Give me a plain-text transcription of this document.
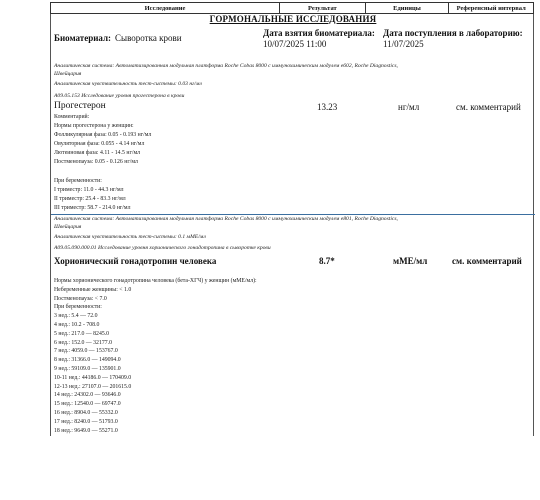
Исследование	Результат	Единицы	Референсный интервал
ГОРМОНАЛЬНЫЕ ИССЛЕДОВАНИЯ
Биоматериал: Сыворотка крови	Дата взятия биоматериала:
10/07/2025 11:00
Дата поступления в лабораторию:
11/07/2025
Аналитическая система: Автоматизированная модульная платформа Roche Cobas 8000 с иммунохимическим модулем e602, Roche Diagnostics,
Швейцария
Аналитическая чувствительность тест-системы: 0.03 нг/мл
А09.05.153 Исследование уровня прогестерона в крови
Прогестерон	13.23	нг/мл	см. комментарий
Комментарий:
Нормы прогестерона у женщин:
Фолликулярная фаза: 0.05 - 0.193 нг/мл
Овуляторная фаза: 0.055 - 4.14 нг/мл
Лютеиновая фаза: 4.11 - 14.5 нг/мл
Постменопауза: 0.05 - 0.126 нг/мл
При беременности:
I триместр: 11.0 - 44.3 нг/мл
II триместр: 25.4 - 83.3 нг/мл
III триместр: 58.7 - 214.0 нг/мл
Аналитическая система: Автоматизированная модульная платформа Roche Cobas 8000 с иммунохимическим модулем e801, Roche Diagnostics,
Швейцария
Аналитическая чувствительность тест-системы: 0.1 мМЕ/мл
А09.05.090.000.01 Исследование уровня хорионического гонадотропина в сыворотке крови
Хорионический гонадотропин человека	8.7*	мМЕ/мл	см. комментарий
Нормы хорионического гонадотропина человека (бета-ХГЧ) у женщин (мМЕ/мл):
Небеременные женщины: < 1.0
Постменопауза: < 7.0
При беременности:
3 нед.: 5.4 — 72.0
4 нед.: 10.2 - 708.0
5 нед.: 217.0 — 8245.0
6 нед.: 152.0 — 32177.0
7 нед.: 4059.0 — 153767.0
8 нед.: 31366.0 — 149094.0
9 нед.: 59109.0 — 135901.0
10-11 нед.: 44186.0 — 170409.0
12-13 нед.: 27107.0 — 201615.0
14 нед.: 24302.0 — 93646.0
15 нед.: 12540.0 — 69747.0
16 нед.: 8904.0 — 55332.0
17 нед.: 8240.0 — 51793.0
18 нед.: 9649.0 — 55271.0
